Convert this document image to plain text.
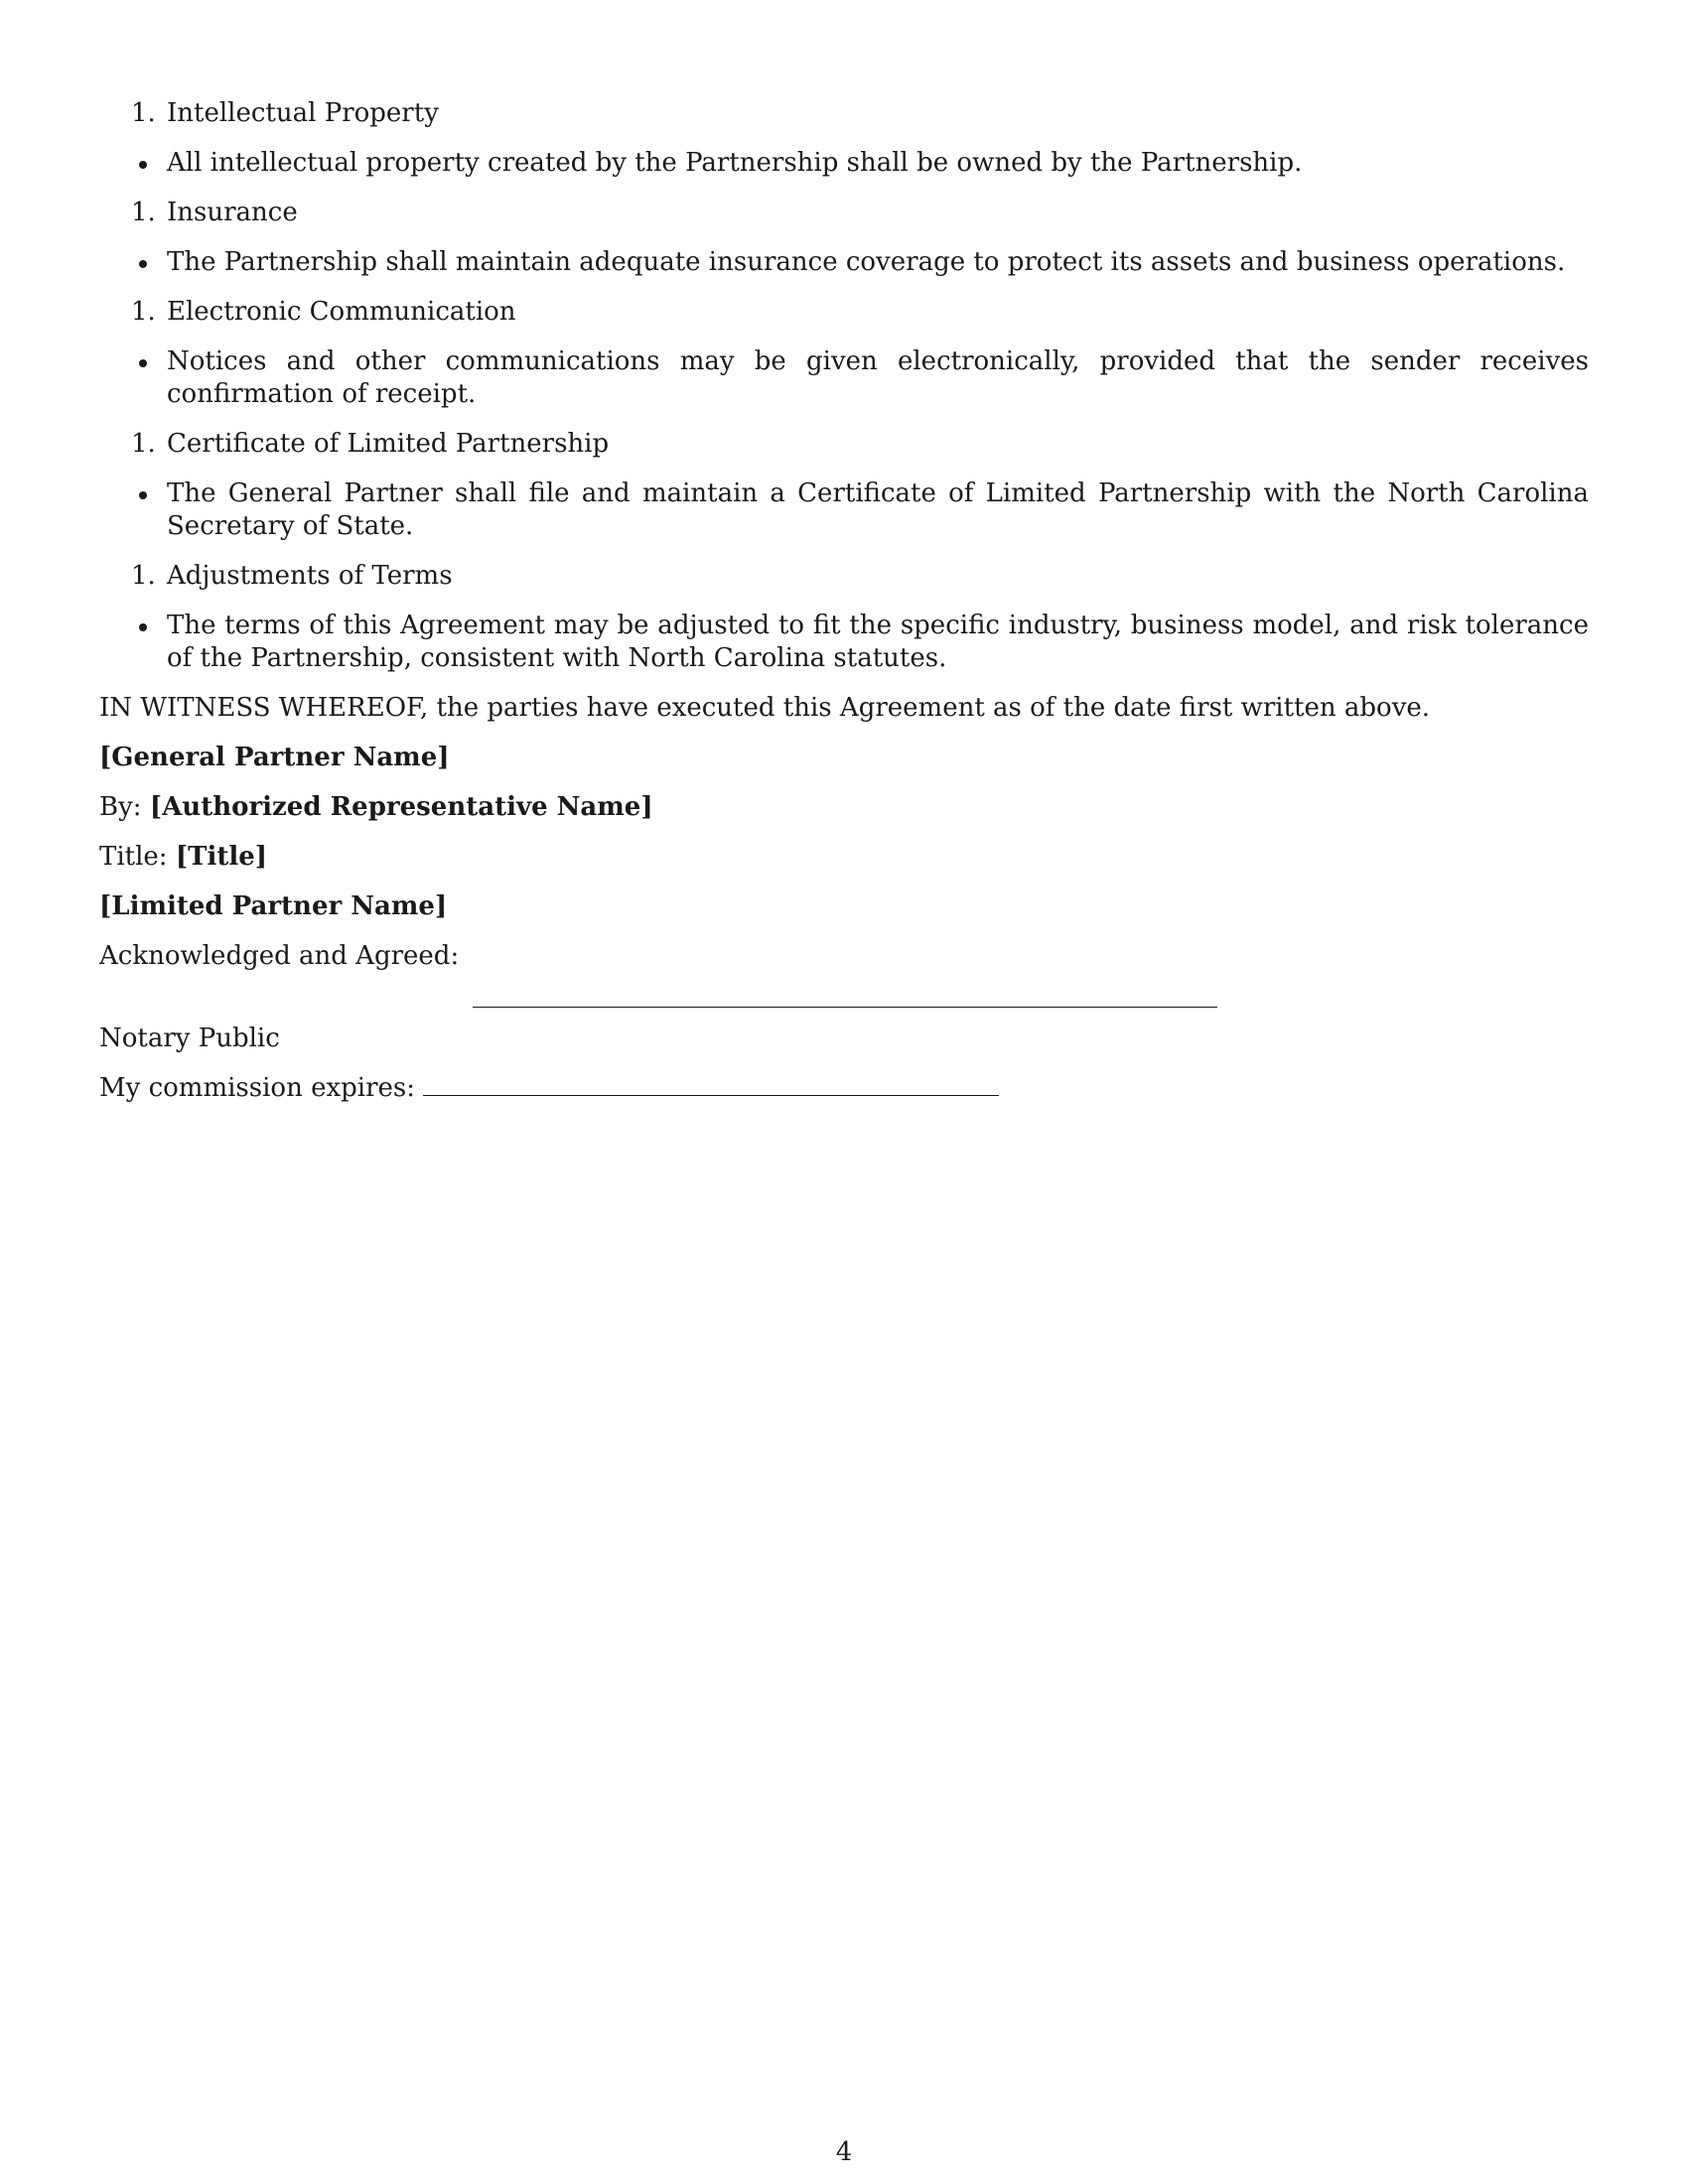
1. Intellectual Property
All intellectual property created by the Partnership shall be owned by the Partnership.
1. Insurance
The Partnership shall maintain adequate insurance coverage to protect its assets and business operations.
1. Electronic Communication
Notices and other communications may be given electronically, provided that the sender receives confirmation of receipt.
1. Certificate of Limited Partnership
The General Partner shall file and maintain a Certificate of Limited Partnership with the North Carolina Secretary of State.
1. Adjustments of Terms
The terms of this Agreement may be adjusted to fit the specific industry, business model, and risk tolerance of the Partnership, consistent with North Carolina statutes.

IN WITNESS WHEREOF, the parties have executed this Agreement as of the date first written above.

[General Partner Name]

By: [Authorized Representative Name]

Title: [Title]

[Limited Partner Name]

Acknowledged and Agreed:

Notary Public

My commission expires:

4
